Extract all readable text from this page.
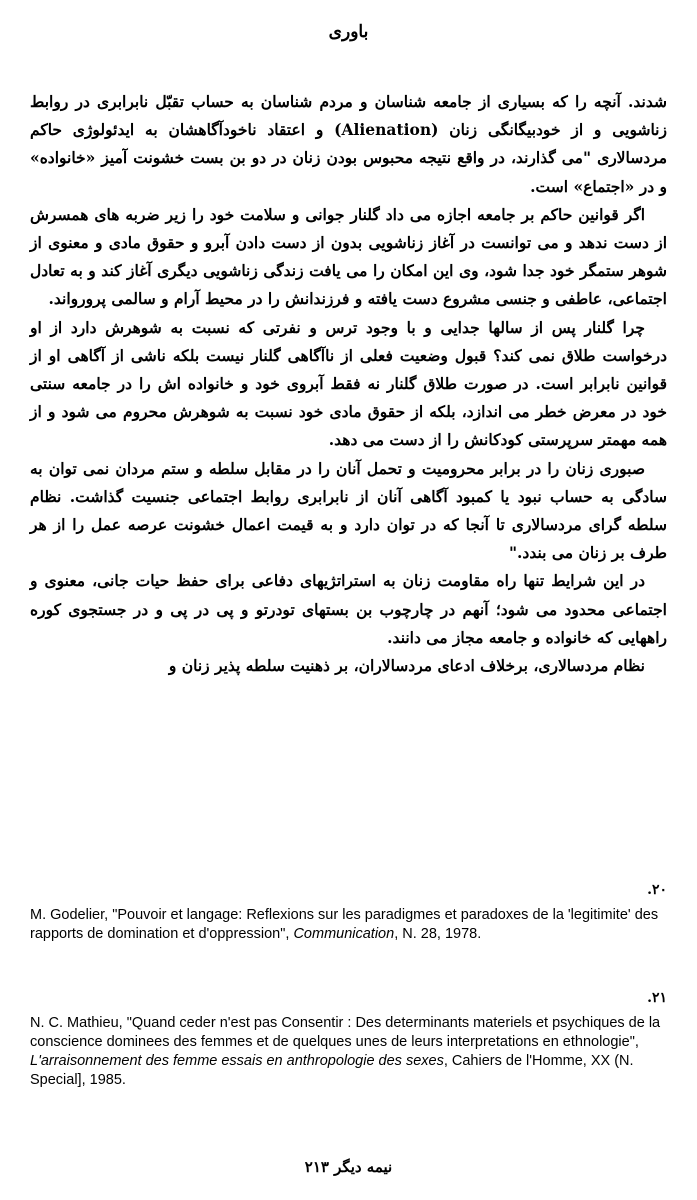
باوری

شدند. آنچه را که بسیاری از جامعه شناسان و مردم شناسان به حساب تقبّل نابرابری در روابط زناشویی و از خودبیگانگی زنان (Alienation) و اعتقاد ناخودآگاهشان به ایدئولوژی حاکم مردسالاری "می گذارند، در واقع نتیجه محبوس بودن زنان در دو بن بست خشونت آمیز «خانواده» و در «اجتماع» است.

اگر قوانین حاکم بر جامعه اجازه می داد گلنار جوانی و سلامت خود را زیر ضربه های همسرش از دست ندهد و می توانست در آغاز زناشویی بدون از دست دادن آبرو و حقوق مادی و معنوی از شوهر ستمگر خود جدا شود، وی این امکان را می یافت زندگی زناشویی دیگری آغاز کند و به تعادل اجتماعی، عاطفی و جنسی مشروع دست یافته و فرزندانش را در محیط آرام و سالمی پرورواند.

چرا گلنار پس از سالها جدایی و با وجود ترس و نفرتی که نسبت به شوهرش دارد از او درخواست طلاق نمی کند؟ قبول وضعیت فعلی از ناآگاهی گلنار نیست بلکه ناشی از آگاهی او از قوانین نابرابر است. در صورت طلاق گلنار نه فقط آبروی خود و خانواده اش را در جامعه سنتی خود در معرض خطر می اندازد، بلکه از حقوق مادی خود نسبت به شوهرش محروم می شود و از همه مهمتر سرپرستی کودکانش را از دست می دهد.

صبوری زنان را در برابر محرومیت و تحمل آنان را در مقابل سلطه و ستم مردان نمی توان به سادگی به حساب نبود یا کمبود آگاهی آنان از نابرابری روابط اجتماعی جنسیت گذاشت. نظام سلطه گرای مردسالاری تا آنجا که در توان دارد و به قیمت اعمال خشونت عرصه عمل را از هر طرف بر زنان می بندد."

در این شرایط تنها راه مقاومت زنان به استراتژیهای دفاعی برای حفظ حیات جانی، معنوی و اجتماعی محدود می شود؛ آنهم در چارچوب بن بستهای تودرتو و پی در پی و در جستجوی کوره راههایی که خانواده و جامعه مجاز می دانند.

نظام مردسالاری، برخلاف ادعای مردسالاران، بر ذهنیت سلطه پذیر زنان و

۲۰.
M. Godelier, "Pouvoir et langage: Reflexions sur les paradigmes et paradoxes de la 'legitimite' des rapports de domination et d'oppression", Communication, N. 28, 1978.
۲۱.
N. C. Mathieu, "Quand ceder n'est pas Consentir : Des determinants materiels et psychiques de la conscience dominees des femmes et de quelques unes de leurs interpretations en ethnologie", L'arraisonnement des femme essais en anthropologie des sexes, Cahiers de l'Homme, XX (N. Special], 1985.
نیمه دیگر ۲۱۳
